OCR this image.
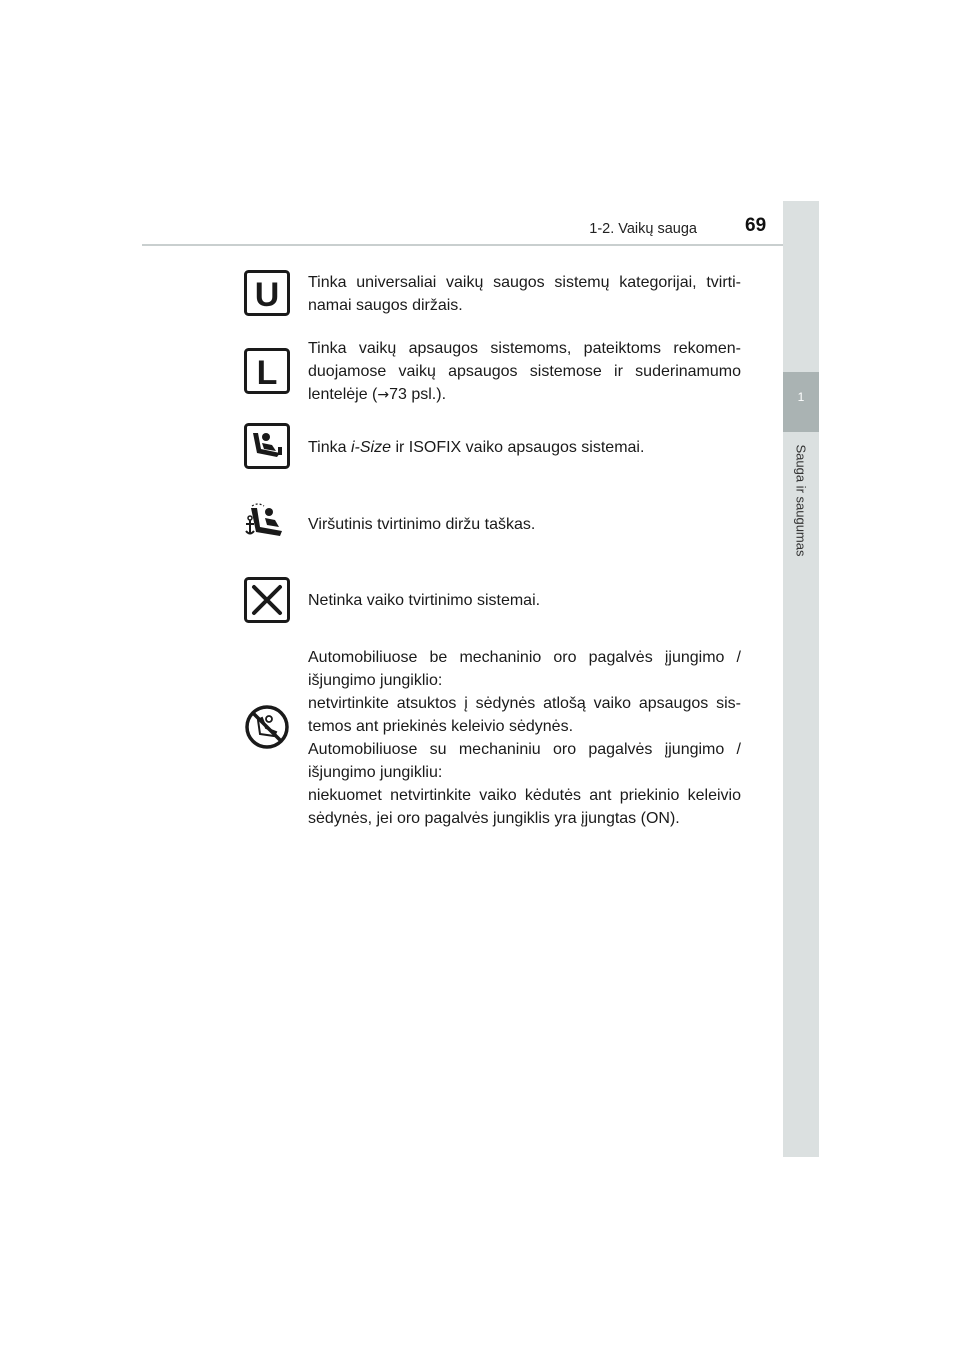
1-2. Vaikų sauga	69
1
Sauga ir saugumas
U Tinka universaliai vaikų saugos sistemų kategorijai, tvirti-

namai saugos diržais.

L

Tinka vaikų apsaugos sistemoms, pateiktoms rekomen-

duojamose vaikų apsaugos sistemose ir suderinamumo

lentelėje (→73 psl.).

Tinka i-Size ir ISOFIX vaiko apsaugos sistemai.

Viršutinis tvirtinimo diržu taškas.
Netinka vaiko tvirtinimo sistemai.

Automobiliuose be mechaninio oro pagalvės įjungimo /

išjungimo jungiklio:

netvirtinkite atsuktos į sėdynės atlošą vaiko apsaugos sis-

temos ant priekinės keleivio sėdynės.

Automobiliuose su mechaniniu oro pagalvės įjungimo /

išjungimo jungikliu:

niekuomet netvirtinkite vaiko kėdutės ant priekinio keleivio

sėdynės, jei oro pagalvės jungiklis yra įjungtas (ON).
